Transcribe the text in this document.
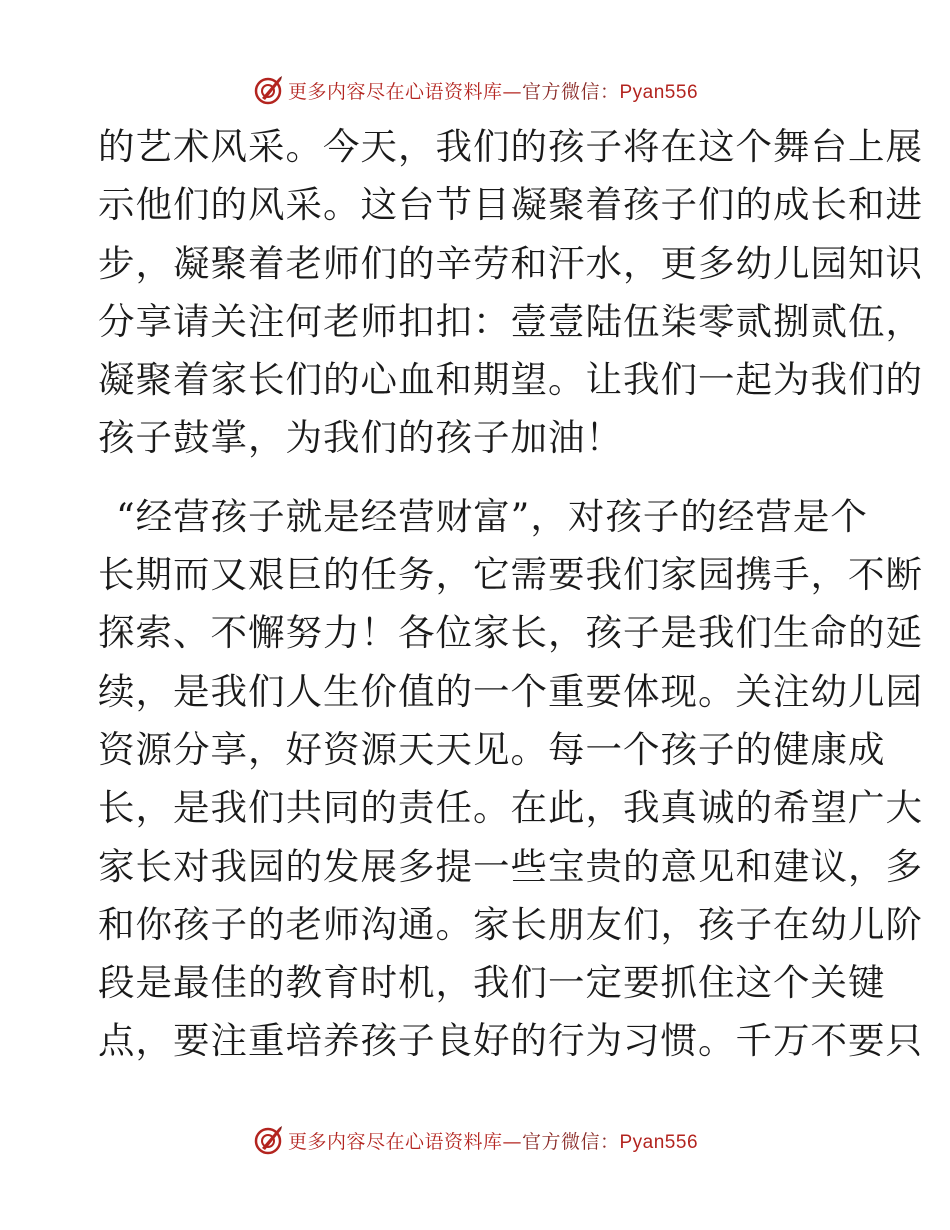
更多内容尽在心语资料库—官方微信：Pyan556

的艺术风采。今天，我们的孩子将在这个舞台上展
示他们的风采。这台节目凝聚着孩子们的成长和进
步，凝聚着老师们的辛劳和汗水，更多幼儿园知识
分享请关注何老师扣扣：壹壹陆伍柒零贰捌贰伍，
凝聚着家长们的心血和期望。让我们一起为我们的
孩子鼓掌，为我们的孩子加油！

“经营孩子就是经营财富”，对孩子的经营是个
长期而又艰巨的任务，它需要我们家园携手，不断
探索、不懈努力！各位家长，孩子是我们生命的延
续，是我们人生价值的一个重要体现。关注幼儿园
资源分享，好资源天天见。每一个孩子的健康成
长，是我们共同的责任。在此，我真诚的希望广大
家长对我园的发展多提一些宝贵的意见和建议，多
和你孩子的老师沟通。家长朋友们，孩子在幼儿阶
段是最佳的教育时机，我们一定要抓住这个关键
点，要注重培养孩子良好的行为习惯。千万不要只

更多内容尽在心语资料库—官方微信：Pyan556
